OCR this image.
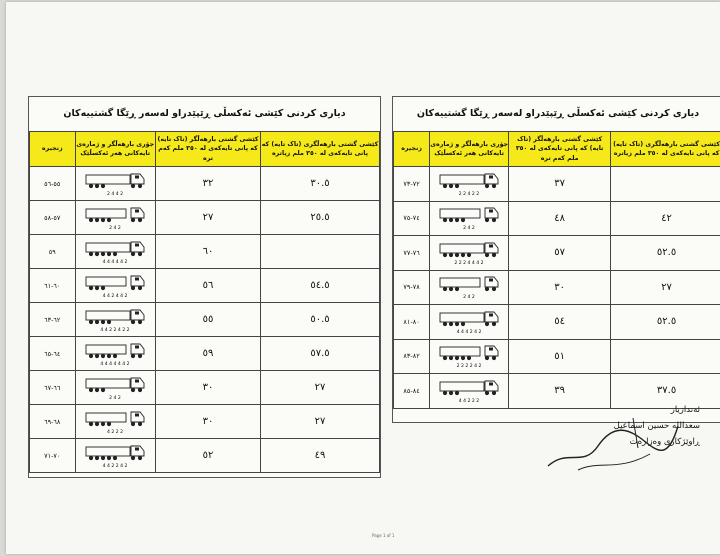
دیاری کردنی کێشی ئەکسڵی ڕێپێدراو لەسەر ڕێگا گشتییەکان
زنجیرە	جۆری بارهەڵگر و ژمارەی تایەکانی هەر ئەکسڵێک	کێشی گشتی بارهەڵگر (تاک تایە) کە پانی تایەکەی لە ٣٥٠ ملم کەم ترە	کێشی گشتی بارهەڵگری (تاک تایە) کە پانی تایەکەی لە ٣٥٠ ملم زیاترە
٥٥-٥٦	2 4 4 2	٣٢	٣٠.٥
٥٧-٥٨	2 4 2	٢٧	٢٥.٥
٥٩	4 4 4 4 4 2	٦٠	
٦٠-٦١	4 4 2 4 4 2	٥٦	٥٤.٥
٦٢-٦٣	4 4 2 2 4 2 2	٥٥	٥٠.٥
٦٤-٦٥	4 4 4 4 4 4 2	٥٩	٥٧.٥
٦٦-٦٧	2 4 2	٣٠	٢٧
٦٨-٦٩	4 2 2 2	٣٠	٢٧
٧٠-٧١	4 4 2 2 4 2	٥٢	٤٩
دیاری کردنی کێشی ئەکسڵی ڕێپێدراو لەسەر ڕێگا گشتییەکان
زنجیرە	جۆری بارهەڵگر و ژمارەی تایەکانی هەر ئەکسڵێک	کێشی گشتی بارهەڵگر (تاک تایە) کە پانی تایەکەی لە ٣٥٠ ملم کەم ترە	کێشی گشتی بارهەڵگری (تاک تایە) کە پانی تایەکەی لە ٣٥٠ ملم زیاترە
٧٢-٧٣	2 2 4 2 2	٣٧	
٧٤-٧٥	2 4 2	٤٨	٤٢
٧٦-٧٧	2 2 2 4 4 4 2	٥٧	٥٢.٥
٧٨-٧٩	2 4 2	٣٠	٢٧
٨٠-٨١	4 4 4 2 4 2	٥٤	٥٢.٥
٨٢-٨٣	2 2 2 2 4 2	٥١	
٨٤-٨٥	4 4 2 2 2	٣٩	٣٧.٥
ئەندازیار
سعداللە حسین اسماعیل
ڕاوێژکاری وەزارەت
Page 1 of 1
